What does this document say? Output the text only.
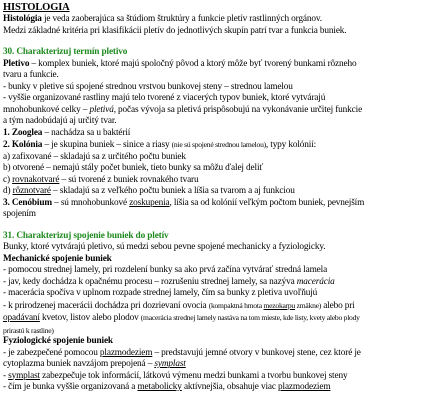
HISTOLÓGIA
Histológia je veda zaoberajúca sa štúdiom štruktúry a funkcie pletív rastlinných orgánov.
Medzi základné kritéria pri klasifikácii pletív do jednotlivých skupín patrí tvar a funkcia buniek.
30. Charakterizuj termín pletivo
Pletivo – komplex buniek, ktoré majú spoločný pôvod a ktorý môže byť tvorený bunkami rôzneho
tvaru a funkcie.
- bunky v pletive sú spojené strednou vrstvou bunkovej steny – strednou lamelou
- vyššie organizované rastliny majú telo tvorené z viacerých typov buniek, ktoré vytvárajú
mnohobunkové celky – pletivá, počas vývoja sa pletivá prispôsobujú na vykonávanie určitej funkcie
a tým nadobúdajú aj určitý tvar.
1. Zooglea – nachádza sa u baktérií
2. Kolónia – je skupina buniek – sinice a riasy (nie sú spojené strednou lamelou), typy kolónií:
a) zafixované – skladajú sa z určitého počtu buniek
b) otvorené – nemajú stály počet buniek, tieto bunky sa môžu ďalej deliť
c) rovnakotvaré – sú tvorené z buniek rovnakého tvaru
d) rôznotvaré – skladajú sa z veľkého počtu buniek a líšia sa tvarom a aj funkciou
3. Cenóbium – sú mnohobunkové zoskupenia, líšia sa od kolónií veľkým počtom buniek, pevnejším
spojením
31. Charakterizuj spojenie buniek do pletív
Bunky, ktoré vytvárajú pletivo, sú medzi sebou pevne spojené mechanicky a fyziologicky.
Mechanické spojenie buniek
- pomocou strednej lamely, pri rozdelení bunky sa ako prvá začína vytvárať stredná lamela
- jav, kedy dochádza k opačnému procesu – rozrušeniu strednej lamely, sa nazýva macerácia
- macerácia spočíva v uplnom rozpade strednej lamely, čím sa bunky z pletiva uvoľňujú
- k prirodzenej macerácii dochádza pri dozrievaní ovocia (kompaktná hmota mezokarpu zmäkne) alebo pri
opadávaní kvetov, listov alebo plodov (macerácia strednej lamely nastáva na tom mieste, kde listy, kvety alebo plody
prirastú k rastline)
Fyziologické spojenie buniek
- je zabezpečené pomocou plazmodeziem – predstavujú jemné otvory v bunkovej stene, cez ktoré je
cytoplazma buniek navzájom prepojená – symplast
- symplast zabezpečuje tok informácií, látkovú výmenu medzi bunkami a tvorbu bunkovej steny
- čím je bunka vyššie organizovaná a metabolicky aktívnejšia, obsahuje viac plazmodeziem
